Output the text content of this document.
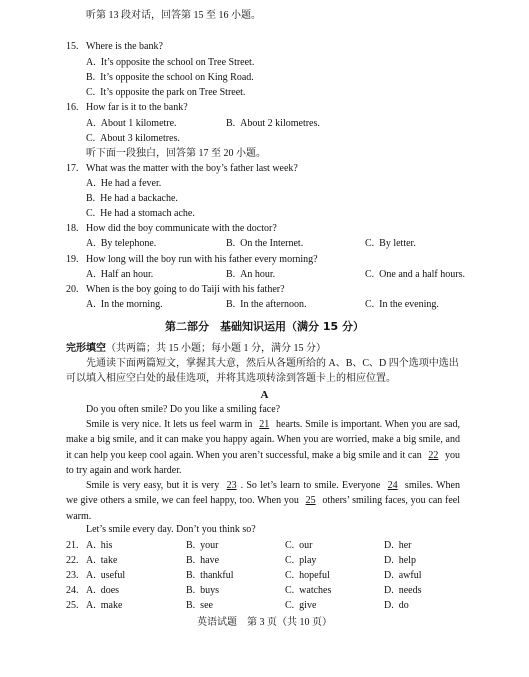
听第 13 段对话，回答第 15 至 16 小题。
15. Where is the bank?
A. It’s opposite the school on Tree Street.
B. It’s opposite the school on King Road.
C. It’s opposite the park on Tree Street.
16. How far is it to the bank?
A. About 1 kilometre.	B. About 2 kilometres.
C. About 3 kilometres.
听下面一段独白，回答第 17 至 20 小题。
17. What was the matter with the boy’s father last week?
A. He had a fever.
B. He had a backache.
C. He had a stomach ache.
18. How did the boy communicate with the doctor?
A. By telephone.	B. On the Internet.	C. By letter.
19. How long will the boy run with his father every morning?
A. Half an hour.	B. An hour.	C. One and a half hours.
20. When is the boy going to do Taiji with his father?
A. In the morning.	B. In the afternoon.	C. In the evening.
第二部分　基础知识运用（满分 15 分）
完形填空（共两篇；共 15 小题；每小题 1 分，满分 15 分）
先通读下面两篇短文，掌握其大意，然后从各题所给的 A、B、C、D 四个选项中选出
可以填入相应空白处的最佳选项，并将其选项转涂到答题卡上的相应位置。
A
Do you often smile? Do you like a smiling face?
Smile is very nice. It lets us feel warm in 21 hearts. Smile is important. When you are sad, make a big smile, and it can make you happy again. When you are worried, make a big smile, and it can help you keep cool again. When you aren’t successful, make a big smile and it can 22 you to try again and work harder.
Smile is very easy, but it is very 23 . So let’s learn to smile. Everyone 24 smiles. When we give others a smile, we can feel happy, too. When you 25 others’ smiling faces, you can feel warm.
Let’s smile every day. Don’t you think so?
21. A. his	B. your	C. our	D. her
22. A. take	B. have	C. play	D. help
23. A. useful	B. thankful	C. hopeful	D. awful
24. A. does	B. buys	C. watches	D. needs
25. A. make	B. see	C. give	D. do
英语试题　第 3 页（共 10 页）
